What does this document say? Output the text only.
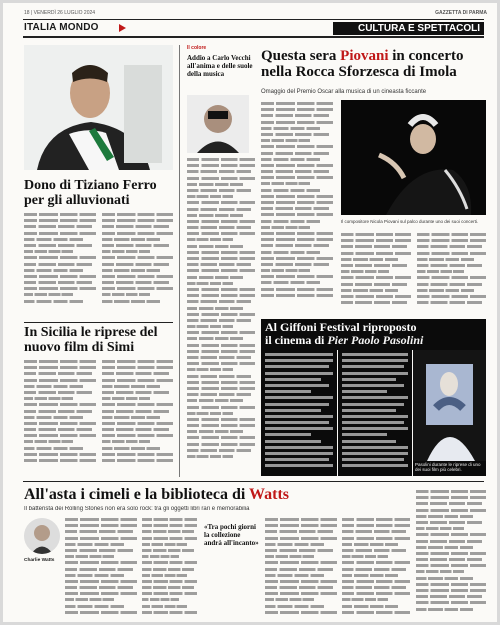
18 | VENERDÌ 26 LUGLIO 2024	GAZZETTA DI PARMA
ITALIA MONDO	CULTURA E SPETTACOLI
Dono di Tiziano Ferro per gli alluvionati
In Sicilia le riprese del nuovo film di Simi
Il colore
Addio a Carlo Vecchi all'anima e delle suole della musica
Questa sera Piovani in concerto nella Rocca Sforzesca di Imola
Omaggio del Premio Oscar alla musica di un cineasta ficcante
Il compositore Nicola Piovani sul palco durante uno dei suoi concerti.
Al Giffoni Festival riproposto
il cinema di Pier Paolo Pasolini
Pasolini durante le riprese di uno dei suoi film più celebri.
All'asta i cimeli e la biblioteca di Watts
Il batterista dei Rolling Stones non era solo rock: tra gli oggetti libri rari e memorabilia
Charlie Watts
«Tra pochi giorni la collezione andrà all'incanto»
